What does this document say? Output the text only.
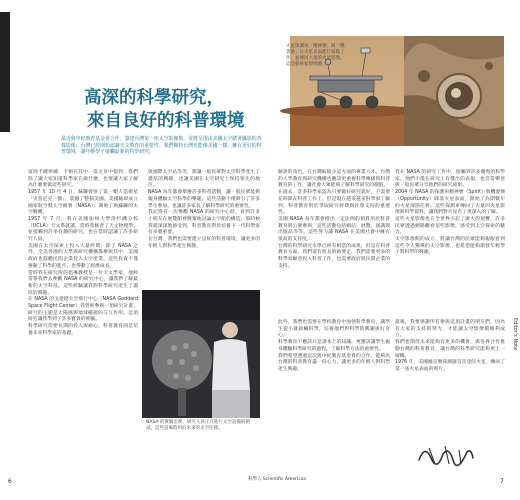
EDITORIAL
高深的科學研究，

來自良好的科普環境
最近與中紀教育基金會合作，籌建台灣第一座太空影像館，並將呈現由美國太空總署攝影的各樣影像；台灣已經開始認識天文教育的重要性。我們期待台灣也能像美國一樣，擁有更好的科普環境，讓年輕學子接觸最新的科學研究。
火星探測車「精神號」與「機會號」在火星表面進行探勘工作，並傳回大量的火星影像，這是藝術家想像圖。
NASA 的實驗室裡，研究人員正在進行太空設備的測試，這些設備將用於未來的太空任務。
富商卡爾拳爾．卡頓在其中一篇文章中提到，我們除了讓大家知道科學家在做什麼，也要讓大家了解為什麼要做這些研究。
1957 年 10 月 4 日，蘇聯發射了第一顆人造衛星「史普尼克一號」，震撼了整個美國。美國隨即成立國家航空暨太空總署（NASA），開始了與蘇聯的太空競賽。
1957 年 7 月，我在美國加州大學洛杉磯分校（UCLA）天文系就讀，當時我修習了天文物理學，並接觸到許多有趣的研究，也在當時認識了許多研究人員。
美國在太空探索上投入大量經費，除了 NASA 之外，全美各地的大學與研究機構都參與其中，美國政府也鼓勵民間企業投入太空產業。這些投資不僅推動了科學的進步，也帶動了經濟成長。
當時我在研究所的指導教授是一位天文學家，他經常帶我們去參觀 NASA 的研究中心，讓我們了解最新的太空科技。這些經驗讓我對科學研究產生了濃厚的興趣。
在 NASA 的戈達德太空飛行中心（NASA Goddard Space Flight Center）我曾經參與一項研究計畫，研究的主題是太陽風與地球磁層的交互作用。這項研究讓我學到了許多寶貴的經驗。
科學研究需要長期的投入與耐心，科普教育則是培養未來科學家的基礎。
與國際太空站等等，都讓一般民眾對太空科學產生了濃厚的興趣，也讓美國在太空研究上保持領先的地位。
NASA 每年都會舉辦許多科普活動，讓一般民眾能夠親身體驗太空科學的樂趣。這些活動不僅吸引了許多學生參加，也讓許多家長了解科學研究的重要性。
我記得有一次參觀 NASA 的研究中心時，看到許多小朋友在展覽館裡興奮地討論太空船的構造，那時候我就深深地感受到，科普教育對於培養下一代科學家有多麼重要。
在台灣，我們也需要建立良好的科普環境，讓更多的年輕人對科學產生興趣。
解說的角色，在台灣較缺少這方面的專業人才。台灣的大學教育與研究機構也應該更重視科學傳播與科普教育的工作，讓社會大眾能夠了解科學研究的價值。
在過去，許多科學家認為只要做好研究就好，不需要花時間在科普工作上。但是現在越來越多科學家了解到，科普教育對於爭取研究經費與社會支持的重要性。
美國 NASA 每年都會撥出一定比例的預算用於科普教育與公眾參與，這些活動包括網站、展覽、演講與出版品等等。這些努力讓 NASA 在美國社會中擁有很高的支持度。
台灣的科學研究水準已經有相當的成果，但是在科普教育方面，我們還有很長的路要走。我們需要更多的科學家願意投入科普工作，也需要政府與民間企業的支持。
我在 NASA 的研究工作中，接觸到許多優秀的科學家，他們不僅在研究上有傑出的表現，也非常樂意與一般民眾分享他們的研究成果。
2004 年 NASA 的探測車精神號（Spirit）與機會號（Opportunity）降落火星表面，開始了為期數年的火星探勘任務。這些探測車傳回了大量的火星影像與科學資料，讓我們對火星有了更深入的了解。
這些火星影像也在全世界引起了廣大的迴響，許多民眾透過網路觀看這些影像，感受到太空探索的魅力。
太空影像館的成立，將讓台灣的民眾能夠親眼看到這些令人驚嘆的太空影像，也希望能夠激發年輕學子對科學的興趣。
此外，我們也需要在學校教育中加強科學教育，讓學生從小就接觸科學，培養他們對科學的興趣與好奇心。
科學教育不應該只是課本上的知識，更應該讓學生親身體驗科學研究的過程，了解科學方法的重要性。
我們希望透過這次與中紀教育基金會的合作，能夠為台灣的科普教育盡一份心力，讓更多的年輕人對科學產生興趣。
最後，我要感謝所有參與這項計畫的朋友們，因為有大家的支持與努力，才能讓太空影像館順利成立。
我們也期待未來能夠有更多的機會，與各界合作推動台灣的科普教育，讓台灣的科學研究能夠更上一層樓。
1976 年，美國維京號探測器首次登陸火星，傳回了第一張火星表面的照片。
Editor's Note
科學人 Scientific American
6	7
